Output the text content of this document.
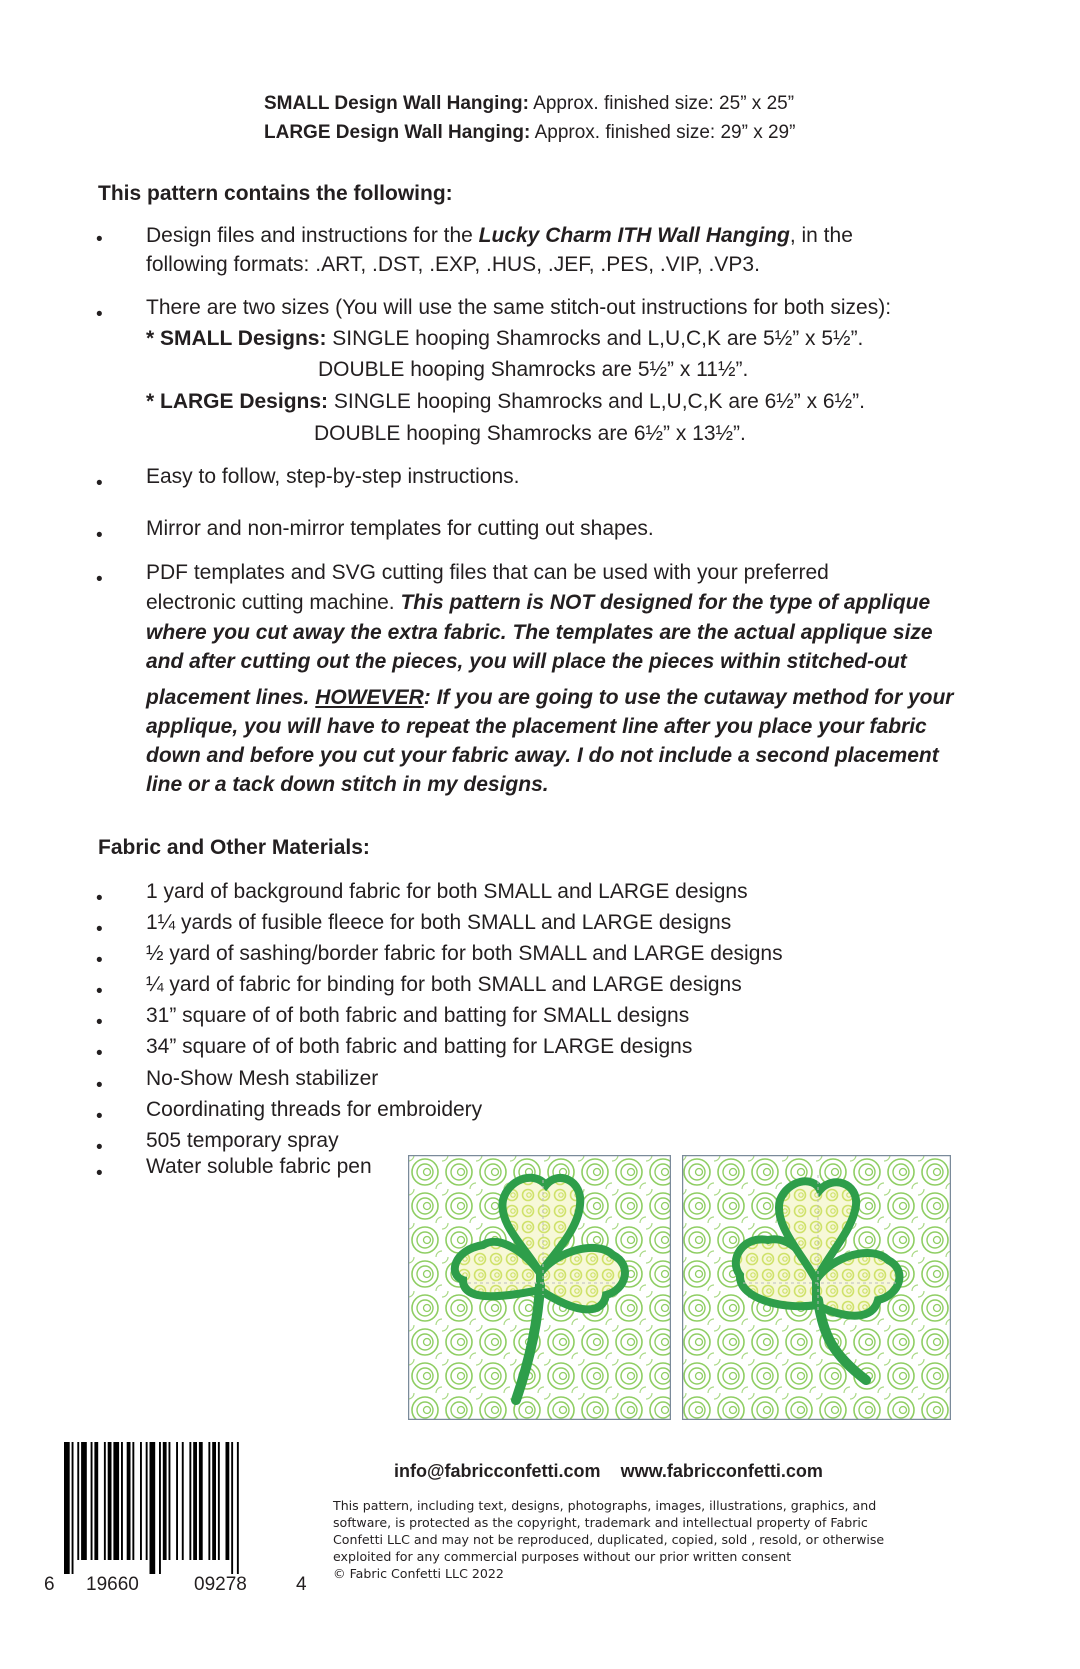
SMALL Design Wall Hanging: Approx. finished size: 25” x 25”
LARGE Design Wall Hanging: Approx. finished size: 29” x 29”
This pattern contains the following:
• Design files and instructions for the Lucky Charm ITH Wall Hanging, in the
following formats: .ART, .DST, .EXP, .HUS, .JEF, .PES, .VIP, .VP3.
• There are two sizes (You will use the same stitch-out instructions for both sizes):
* SMALL Designs: SINGLE hooping Shamrocks and L,U,C,K are 5½” x 5½”.
DOUBLE hooping Shamrocks are 5½” x 11½”.
* LARGE Designs: SINGLE hooping Shamrocks and L,U,C,K are 6½” x 6½”.
DOUBLE hooping Shamrocks are 6½” x 13½”.
• Easy to follow, step-by-step instructions.
• Mirror and non-mirror templates for cutting out shapes.
• PDF templates and SVG cutting files that can be used with your preferred
electronic cutting machine. This pattern is NOT designed for the type of applique
where you cut away the extra fabric. The templates are the actual applique size
and after cutting out the pieces, you will place the pieces within stitched-out
placement lines. HOWEVER: If you are going to use the cutaway method for your
applique, you will have to repeat the placement line after you place your fabric
down and before you cut your fabric away. I do not include a second placement
line or a tack down stitch in my designs.
Fabric and Other Materials:
• 1 yard of background fabric for both SMALL and LARGE designs
• 1¼ yards of fusible fleece for both SMALL and LARGE designs
• ½ yard of sashing/border fabric for both SMALL and LARGE designs
• ¼ yard of fabric for binding for both SMALL and LARGE designs
• 31” square of of both fabric and batting for SMALL designs
• 34” square of of both fabric and batting for LARGE designs
• No-Show Mesh stabilizer
• Coordinating threads for embroidery
• 505 temporary spray
• Water soluble fabric pen
6 19660	09278	4
info@fabricconfetti.com www.fabricconfetti.com
This pattern, including text, designs, photographs, images, illustrations, graphics, and
software, is protected as the copyright, trademark and intellectual property of Fabric
Confetti LLC and may not be reproduced, duplicated, copied, sold , resold, or otherwise
exploited for any commercial purposes without our prior written consent
© Fabric Confetti LLC 2022
